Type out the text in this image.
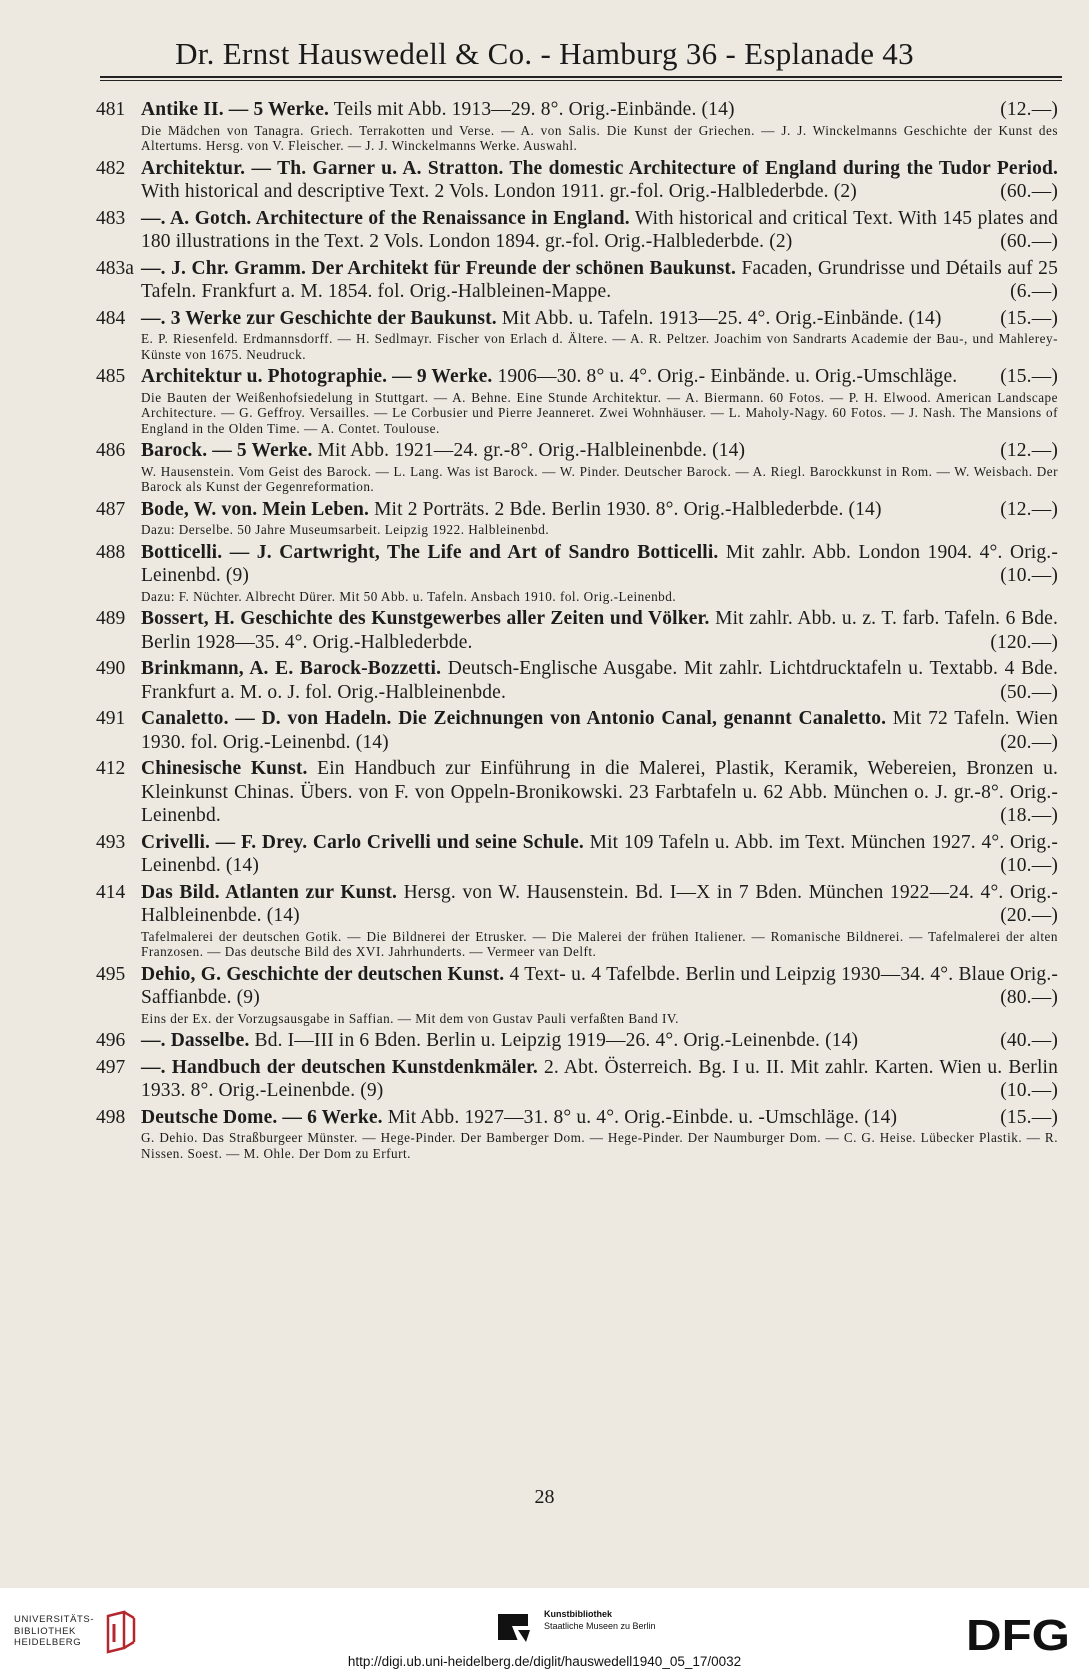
Dr. Ernst Hauswedell & Co. - Hamburg 36 - Esplanade 43
481 Antike II. — 5 Werke. Teils mit Abb. 1913—29. 8°. Orig.-Einbände. (14)	(12.—)
Die Mädchen von Tanagra. Griech. Terrakotten und Verse. — A. von Salis. Die Kunst der Griechen. — J. J. Winckelmanns Geschichte der Kunst des Altertums. Hersg. von V. Fleischer. — J. J. Winckelmanns Werke. Auswahl.
482 Architektur. — Th. Garner u. A. Stratton. The domestic Architecture of England during the Tudor Period. With historical and descriptive Text. 2 Vols. London 1911. gr.-fol. Orig.-Halblederbde. (2)	(60.—)
483 —. A. Gotch. Architecture of the Renaissance in England. With historical and critical Text. With 145 plates and 180 illustrations in the Text. 2 Vols. London 1894. gr.-fol. Orig.-Halblederbde. (2)	(60.—)
483a —. J. Chr. Gramm. Der Architekt für Freunde der schönen Baukunst. Facaden, Grundrisse und Détails auf 25 Tafeln. Frankfurt a. M. 1854. fol. Orig.-Halbleinen-Mappe.	(6.—)
484 —. 3 Werke zur Geschichte der Baukunst. Mit Abb. u. Tafeln. 1913—25. 4°. Orig.-Einbände. (14)	(15.—)
E. P. Riesenfeld. Erdmannsdorff. — H. Sedlmayr. Fischer von Erlach d. Ältere. — A. R. Peltzer. Joachim von Sandrarts Academie der Bau-, und Mahlerey-Künste von 1675. Neudruck.
485 Architektur u. Photographie. — 9 Werke. 1906—30. 8° u. 4°. Orig.- Einbände. u. Orig.-Umschläge. (15.—)
Die Bauten der Weißenhofsiedelung in Stuttgart. — A. Behne. Eine Stunde Architektur. — A. Biermann. 60 Fotos. — P. H. Elwood. American Landscape Architecture. — G. Geffroy. Versailles. — Le Corbusier und Pierre Jeanneret. Zwei Wohnhäuser. — L. Maholy-Nagy. 60 Fotos. — J. Nash. The Mansions of England in the Olden Time. — A. Contet. Toulouse.
486 Barock. — 5 Werke. Mit Abb. 1921—24. gr.-8°. Orig.-Halbleinenbde. (14)	(12.—)
W. Hausenstein. Vom Geist des Barock. — L. Lang. Was ist Barock. — W. Pinder. Deutscher Barock. — A. Riegl. Barockkunst in Rom. — W. Weisbach. Der Barock als Kunst der Gegenreformation.
487 Bode, W. von. Mein Leben. Mit 2 Porträts. 2 Bde. Berlin 1930. 8°. Orig.-Halblederbde. (14)	(12.—)
Dazu: Derselbe. 50 Jahre Museumsarbeit. Leipzig 1922. Halbleinenbd.
488 Botticelli. — J. Cartwright, The Life and Art of Sandro Botticelli. Mit zahlr. Abb. London 1904. 4°. Orig.-Leinenbd. (9)	(10.—)
Dazu: F. Nüchter. Albrecht Dürer. Mit 50 Abb. u. Tafeln. Ansbach 1910. fol. Orig.-Leinenbd.
489 Bossert, H. Geschichte des Kunstgewerbes aller Zeiten und Völker. Mit zahlr. Abb. u. z. T. farb. Tafeln. 6 Bde. Berlin 1928—35. 4°. Orig.-Halblederbde.	(120.—)
490 Brinkmann, A. E. Barock-Bozzetti. Deutsch-Englische Ausgabe. Mit zahlr. Lichtdrucktafeln u. Textabb. 4 Bde. Frankfurt a. M. o. J. fol. Orig.-Halbleinenbde.	(50.—)
491 Canaletto. — D. von Hadeln. Die Zeichnungen von Antonio Canal, genannt Canaletto. Mit 72 Tafeln. Wien 1930. fol. Orig.-Leinenbd. (14)	(20.—)
412 Chinesische Kunst. Ein Handbuch zur Einführung in die Malerei, Plastik, Keramik, Webereien, Bronzen u. Kleinkunst Chinas. Übers. von F. von Oppeln-Bronikowski. 23 Farbtafeln u. 62 Abb. München o. J. gr.-8°. Orig.-Leinenbd.	(18.—)
493 Crivelli. — F. Drey. Carlo Crivelli und seine Schule. Mit 109 Tafeln u. Abb. im Text. München 1927. 4°. Orig.-Leinenbd. (14)	(10.—)
414 Das Bild. Atlanten zur Kunst. Hersg. von W. Hausenstein. Bd. I—X in 7 Bden. München 1922—24. 4°. Orig.-Halbleinenbde. (14)	(20.—)
Tafelmalerei der deutschen Gotik. — Die Bildnerei der Etrusker. — Die Malerei der frühen Italiener. — Romanische Bildnerei. — Tafelmalerei der alten Franzosen. — Das deutsche Bild des XVI. Jahrhunderts. — Vermeer van Delft.
495 Dehio, G. Geschichte der deutschen Kunst. 4 Text- u. 4 Tafelbde. Berlin und Leipzig 1930—34. 4°. Blaue Orig.-Saffianbde. (9)	(80.—)
Eins der Ex. der Vorzugsausgabe in Saffian. — Mit dem von Gustav Pauli verfaßten Band IV.
496 —. Dasselbe. Bd. I—III in 6 Bden. Berlin u. Leipzig 1919—26. 4°. Orig.-Leinenbde. (14)	(40.—)
497 —. Handbuch der deutschen Kunstdenkmäler. 2. Abt. Österreich. Bg. I u. II. Mit zahlr. Karten. Wien u. Berlin 1933. 8°. Orig.-Leinenbde. (9)	(10.—)
498 Deutsche Dome. — 6 Werke. Mit Abb. 1927—31. 8° u. 4°. Orig.-Einbde. u. -Umschläge. (14)	(15.—)
G. Dehio. Das Straßburgeer Münster. — Hege-Pinder. Der Bamberger Dom. — Hege-Pinder. Der Naumburger Dom. — C. G. Heise. Lübecker Plastik. — R. Nissen. Soest. — M. Ohle. Der Dom zu Erfurt.
28
UNIVERSITÄTS-
BIBLIOTHEK
HEIDELBERG
Kunstbibliothek
Staatliche Museen zu Berlin	DFG
http://digi.ub.uni-heidelberg.de/diglit/hauswedell1940_05_17/0032
